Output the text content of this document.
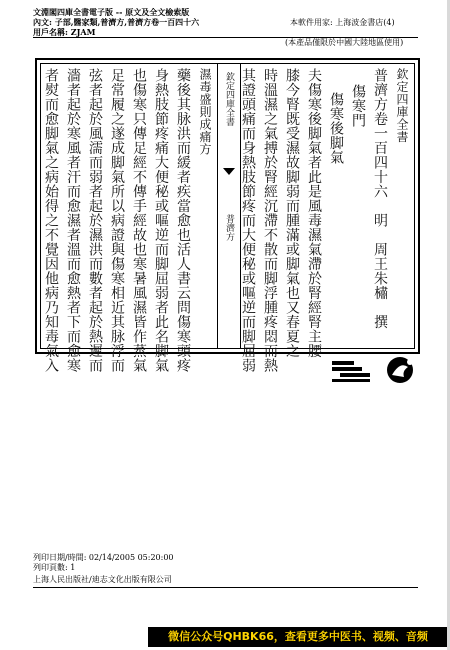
文淵閣四庫全書電子版 -- 原文及全文檢索版
內文: 子部,醫家類,普濟方,普濟方卷一百四十六
用戶名稱: ZJAM
本軟件用家: 上海波金書店(4)
(本產品僅限於中國大陸地區使用)
欽定四庫全書
普濟方卷一百四十六　明　周王朱橚　撰
傷寒門
傷寒後脚氣
夫傷寒後脚氣者此是風毒濕氣滯於腎經腎主腰
膝今腎既受濕故脚弱而腫滿或脚氣也又春夏之
時溫濕之氣搏於腎經沉滯不散而脚浮腫疼悶而熱
其證頭痛而身熱肢節疼而大便秘或嘔逆而脚屈弱
欽定四庫全書
普濟方
濕毒盛則成痛方
藥後其脉洪而緩者疾當愈也活人書云問傷寒頭疼
身熱肢節疼痛大便秘或嘔逆而脚屈弱者此名脚氣
也傷寒只傳足經不傳手經故也寒暑風濕皆作蒸氣
足常履之遂成脚氣所以病證與傷寒相近其脉浮而
弦者起於風濡而弱者起於濕洪而數者起於熱遲而
濇者起於寒風者汗而愈濕者溫而愈熱者下而愈寒
者熨而愈脚氣之病始得之不覺因他病乃知毒氣入
列印日期/時間: 02/14/2005 05:20:00
列印頁數: 1
上海人民出版社/迪志文化出版有限公司
微信公众号QHBK66，查看更多中医书、视频、音频
